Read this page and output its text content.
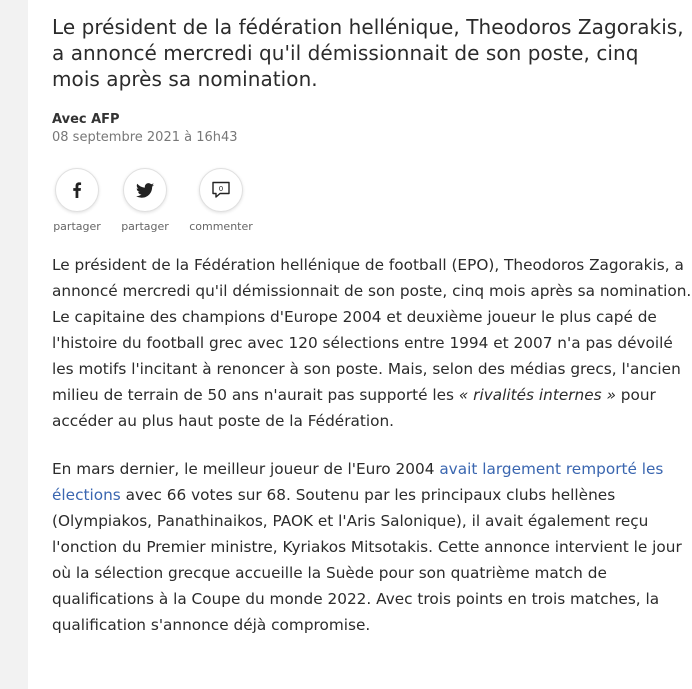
Le président de la fédération hellénique, Theodoros Zagorakis, a annoncé mercredi qu'il démissionnait de son poste, cinq mois après sa nomination.
Avec AFP
08 septembre 2021 à 16h43
partager partager
0
commenter

Le président de la Fédération hellénique de football (EPO), Theodoros Zagorakis, a annoncé mercredi qu'il démissionnait de son poste, cinq mois après sa nomination. Le capitaine des champions d'Europe 2004 et deuxième joueur le plus capé de l'histoire du football grec avec 120 sélections entre 1994 et 2007 n'a pas dévoilé les motifs l'incitant à renoncer à son poste. Mais, selon des médias grecs, l'ancien milieu de terrain de 50 ans n'aurait pas supporté les « rivalités internes » pour accéder au plus haut poste de la Fédération.

En mars dernier, le meilleur joueur de l'Euro 2004 avait largement remporté les élections avec 66 votes sur 68. Soutenu par les principaux clubs hellènes (Olympiakos, Panathinaikos, PAOK et l'Aris Salonique), il avait également reçu l'onction du Premier ministre, Kyriakos Mitsotakis. Cette annonce intervient le jour où la sélection grecque accueille la Suède pour son quatrième match de qualifications à la Coupe du monde 2022. Avec trois points en trois matches, la qualification s'annonce déjà compromise.
